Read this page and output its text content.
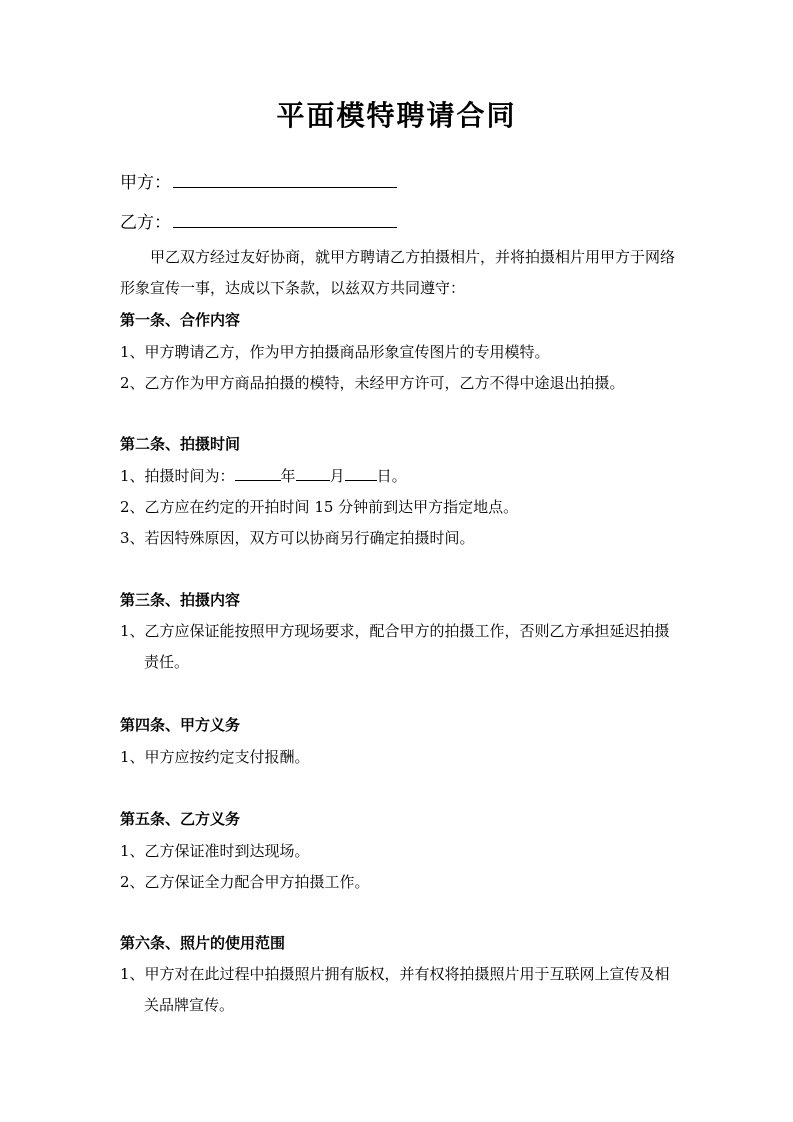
平面模特聘请合同
甲方：
乙方：
甲乙双方经过友好协商，就甲方聘请乙方拍摄相片，并将拍摄相片用甲方于网络形象宣传一事，达成以下条款，以兹双方共同遵守：
第一条、合作内容
1、甲方聘请乙方，作为甲方拍摄商品形象宣传图片的专用模特。
2、乙方作为甲方商品拍摄的模特，未经甲方许可，乙方不得中途退出拍摄。
第二条、拍摄时间
1、拍摄时间为：	年 月 日。
2、乙方应在约定的开拍时间 15 分钟前到达甲方指定地点。
3、若因特殊原因，双方可以协商另行确定拍摄时间。
第三条、拍摄内容
1、乙方应保证能按照甲方现场要求，配合甲方的拍摄工作，否则乙方承担延迟拍摄责任。
第四条、甲方义务
1、甲方应按约定支付报酬。
第五条、乙方义务
1、乙方保证准时到达现场。
2、乙方保证全力配合甲方拍摄工作。
第六条、照片的使用范围
1、甲方对在此过程中拍摄照片拥有版权，并有权将拍摄照片用于互联网上宣传及相关品牌宣传。
